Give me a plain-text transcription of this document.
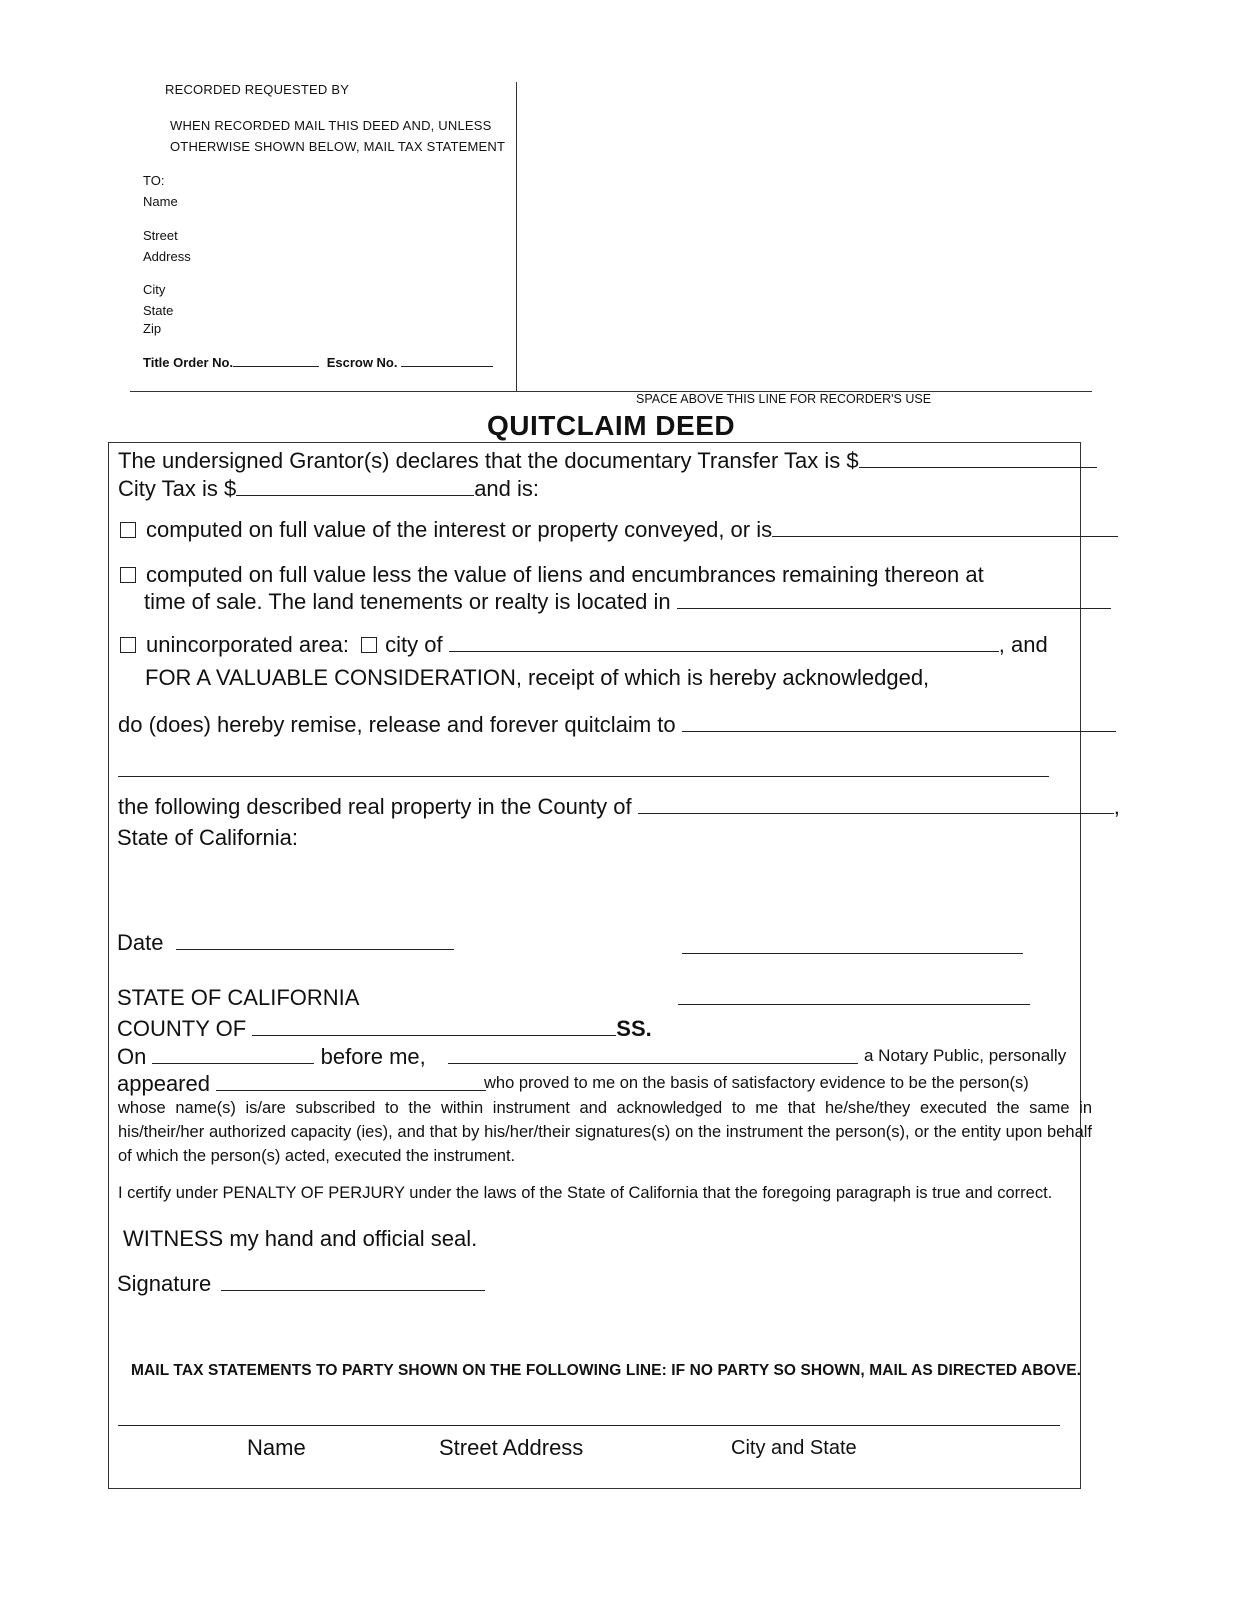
RECORDED REQUESTED BY
WHEN RECORDED MAIL THIS DEED AND, UNLESS
OTHERWISE SHOWN BELOW, MAIL TAX STATEMENT
TO:
Name
Street
Address
City
State
Zip
Title Order No.	Escrow No.
SPACE ABOVE THIS LINE FOR RECORDER'S USE
QUITCLAIM DEED
The undersigned Grantor(s) declares that the documentary Transfer Tax is $
City Tax is $	and is:
computed on full value of the interest or property conveyed, or is
computed on full value less the value of liens and encumbrances remaining thereon at
time of sale. The land tenements or realty is located in
unincorporated area: city of	, and
FOR A VALUABLE CONSIDERATION, receipt of which is hereby acknowledged,
do (does) hereby remise, release and forever quitclaim to
the following described real property in the County of	,
State of California:
Date
STATE OF CALIFORNIA
COUNTY OF	SS.
On	before me,	a Notary Public, personally
appeared	who proved to me on the basis of satisfactory evidence to be the person(s)
whose name(s) is/are subscribed to the within instrument and acknowledged to me that he/she/they executed the same in his/their/her authorized capacity (ies), and that by his/her/their signatures(s) on the instrument the person(s), or the entity upon behalf of which the person(s) acted, executed the instrument.
I certify under PENALTY OF PERJURY under the laws of the State of California that the foregoing paragraph is true and correct.
WITNESS my hand and official seal.
Signature
MAIL TAX STATEMENTS TO PARTY SHOWN ON THE FOLLOWING LINE: IF NO PARTY SO SHOWN, MAIL AS DIRECTED ABOVE.
Name	Street Address	City and State
